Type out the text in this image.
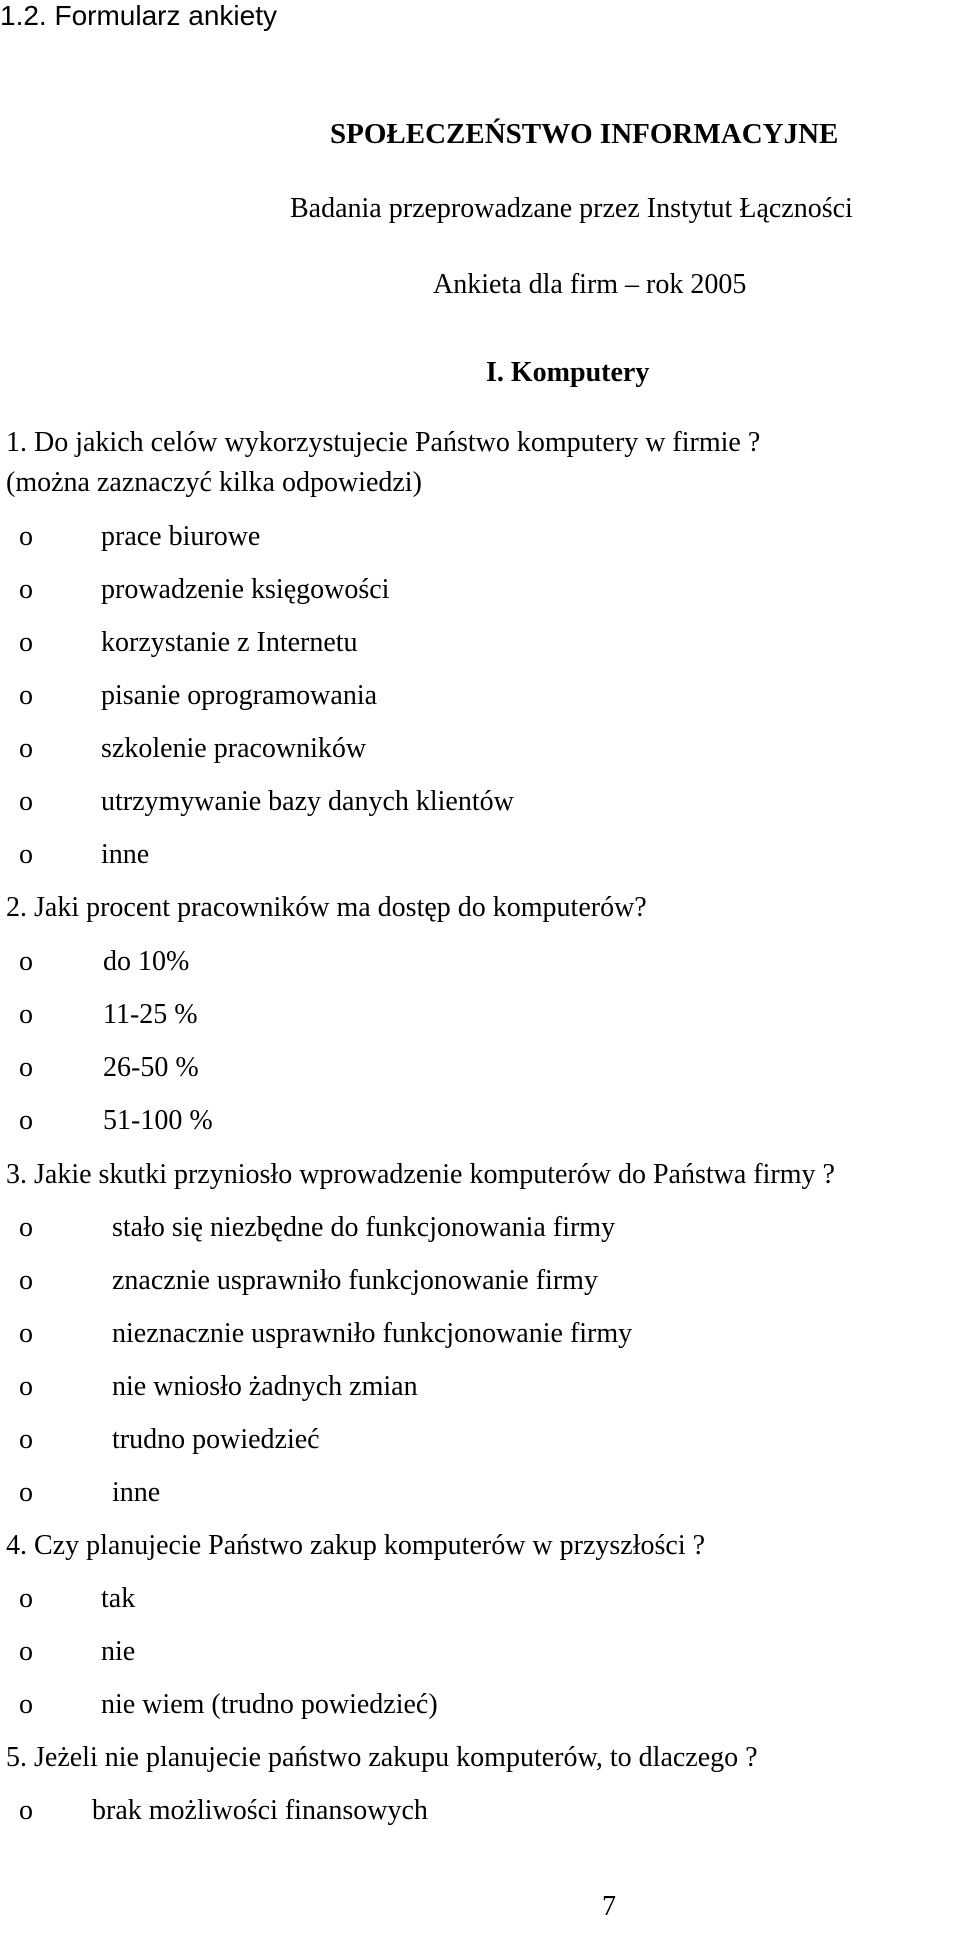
1.2. Formularz ankiety
SPOŁECZEŃSTWO INFORMACYJNE
Badania przeprowadzane przez Instytut Łączności
Ankieta dla firm – rok 2005
I. Komputery
1. Do jakich celów wykorzystujecie Państwo komputery w firmie ?
(można zaznaczyć kilka odpowiedzi)
o prace biurowe
o prowadzenie księgowości
o korzystanie z Internetu
o pisanie oprogramowania
o szkolenie pracowników
o utrzymywanie bazy danych klientów
o inne
2. Jaki procent pracowników ma dostęp do komputerów?
o	do 10%
o	11-25 %
o	26-50 %
o	51-100 %
3. Jakie skutki przyniosło wprowadzenie komputerów do Państwa firmy ?
o	stało się niezbędne do funkcjonowania firmy
o	znacznie usprawniło funkcjonowanie firmy
o	nieznacznie usprawniło funkcjonowanie firmy
o	nie wniosło żadnych zmian
o	trudno powiedzieć
o	inne
4. Czy planujecie Państwo zakup komputerów w przyszłości ?
o tak
o nie
o nie wiem (trudno powiedzieć)
5. Jeżeli nie planujecie państwo zakupu komputerów, to dlaczego ?
o brak możliwości finansowych
7
